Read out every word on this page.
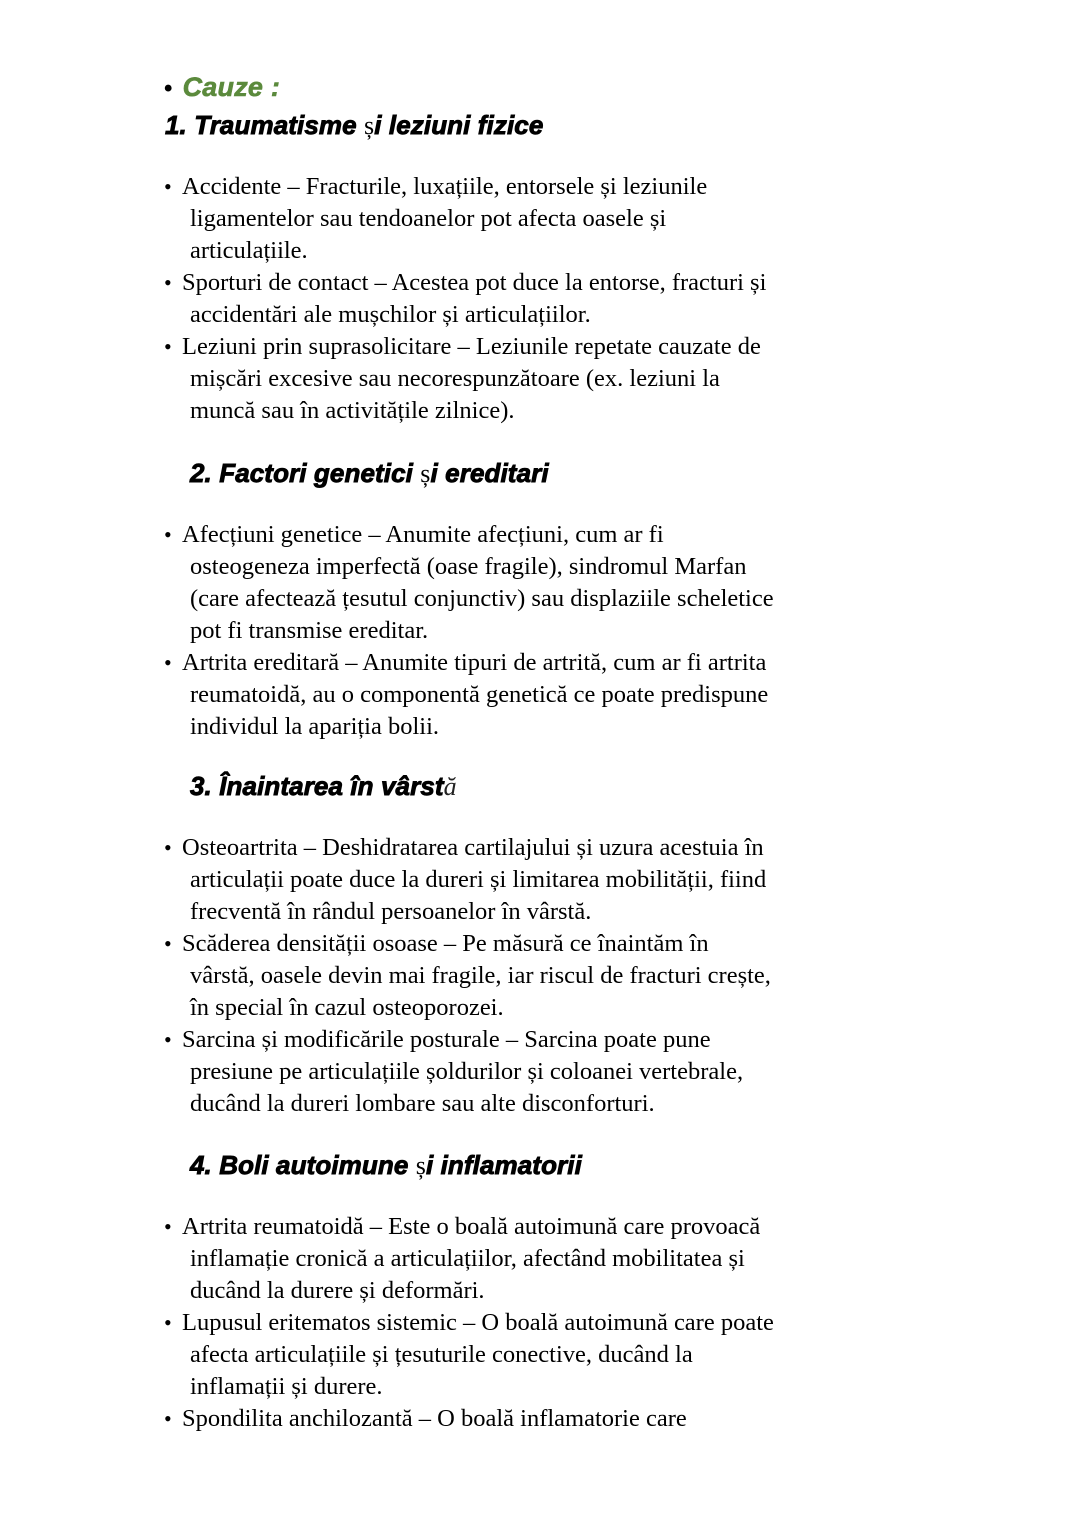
• Cauze :
1. Traumatisme și leziuni fizice
• Accidente – Fracturile, luxațiile, entorsele și leziunile
ligamentelor sau tendoanelor pot afecta oasele și
articulațiile.
• Sporturi de contact – Acestea pot duce la entorse, fracturi și
accidentări ale mușchilor și articulațiilor.
• Leziuni prin suprasolicitare – Leziunile repetate cauzate de
mișcări excesive sau necorespunzătoare (ex. leziuni la
muncă sau în activitățile zilnice).
2. Factori genetici și ereditari
• Afecțiuni genetice – Anumite afecțiuni, cum ar fi
osteogeneza imperfectă (oase fragile), sindromul Marfan
(care afectează țesutul conjunctiv) sau displaziile scheletice
pot fi transmise ereditar.
• Artrita ereditară – Anumite tipuri de artrită, cum ar fi artrita
reumatoidă, au o componentă genetică ce poate predispune
individul la apariția bolii.
3. Înaintarea în vârstă
• Osteoartrita – Deshidratarea cartilajului și uzura acestuia în
articulații poate duce la dureri și limitarea mobilității, fiind
frecventă în rândul persoanelor în vârstă.
• Scăderea densității osoase – Pe măsură ce înaintăm în
vârstă, oasele devin mai fragile, iar riscul de fracturi crește,
în special în cazul osteoporozei.
• Sarcina și modificările posturale – Sarcina poate pune
presiune pe articulațiile șoldurilor și coloanei vertebrale,
ducând la dureri lombare sau alte disconforturi.
4. Boli autoimune și inflamatorii
• Artrita reumatoidă – Este o boală autoimună care provoacă
inflamație cronică a articulațiilor, afectând mobilitatea și
ducând la durere și deformări.
• Lupusul eritematos sistemic – O boală autoimună care poate
afecta articulațiile și țesuturile conective, ducând la
inflamații și durere.
• Spondilita anchilozantă – O boală inflamatorie care
